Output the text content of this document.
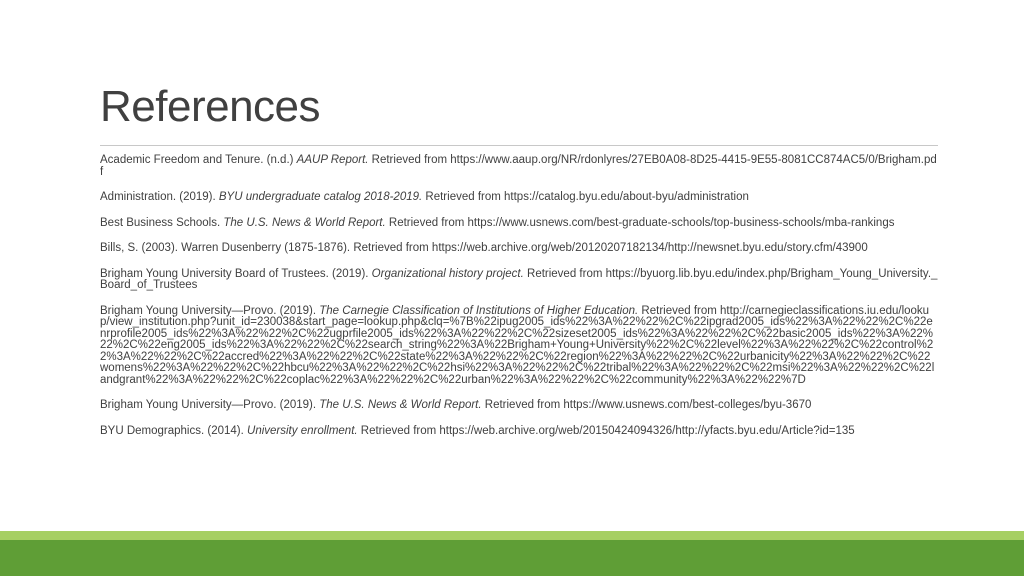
References

Academic Freedom and Tenure. (n.d.) AAUP Report. Retrieved from https://www.aaup.org/NR/rdonlyres/27EB0A08-8D25-4415-9E55-8081CC874AC5/0/Brigham.pdf

Administration. (2019). BYU undergraduate catalog 2018-2019. Retrieved from https://catalog.byu.edu/about-byu/administration

Best Business Schools. The U.S. News & World Report. Retrieved from https://www.usnews.com/best-graduate-schools/top-business-schools/mba-rankings

Bills, S. (2003). Warren Dusenberry (1875-1876). Retrieved from https://web.archive.org/web/20120207182134/http://newsnet.byu.edu/story.cfm/43900

Brigham Young University Board of Trustees. (2019). Organizational history project. Retrieved from https://byuorg.lib.byu.edu/index.php/Brigham_Young_University._Board_of_Trustees

Brigham Young University—Provo. (2019). The Carnegie Classification of Institutions of Higher Education. Retrieved from http://carnegieclassifications.iu.edu/lookup/view_institution.php?unit_id=230038&start_page=lookup.php&clq=%7B%22ipug2005_ids%22%3A%22%22%2C%22ipgrad2005_ids%22%3A%22%22%2C%22enrprofile2005_ids%22%3A%22%22%2C%22ugprfile2005_ids%22%3A%22%22%2C%22sizeset2005_ids%22%3A%22%22%2C%22basic2005_ids%22%3A%22%22%2C%22eng2005_ids%22%3A%22%22%2C%22search_string%22%3A%22Brigham+Young+University%22%2C%22level%22%3A%22%22%2C%22control%22%3A%22%22%2C%22accred%22%3A%22%22%2C%22state%22%3A%22%22%2C%22region%22%3A%22%22%2C%22urbanicity%22%3A%22%22%2C%22womens%22%3A%22%22%2C%22hbcu%22%3A%22%22%2C%22hsi%22%3A%22%22%2C%22tribal%22%3A%22%22%2C%22msi%22%3A%22%22%2C%22landgrant%22%3A%22%22%2C%22coplac%22%3A%22%22%2C%22urban%22%3A%22%22%2C%22community%22%3A%22%22%7D

Brigham Young University—Provo. (2019). The U.S. News & World Report. Retrieved from https://www.usnews.com/best-colleges/byu-3670

BYU Demographics. (2014). University enrollment. Retrieved from https://web.archive.org/web/20150424094326/http://yfacts.byu.edu/Article?id=135
